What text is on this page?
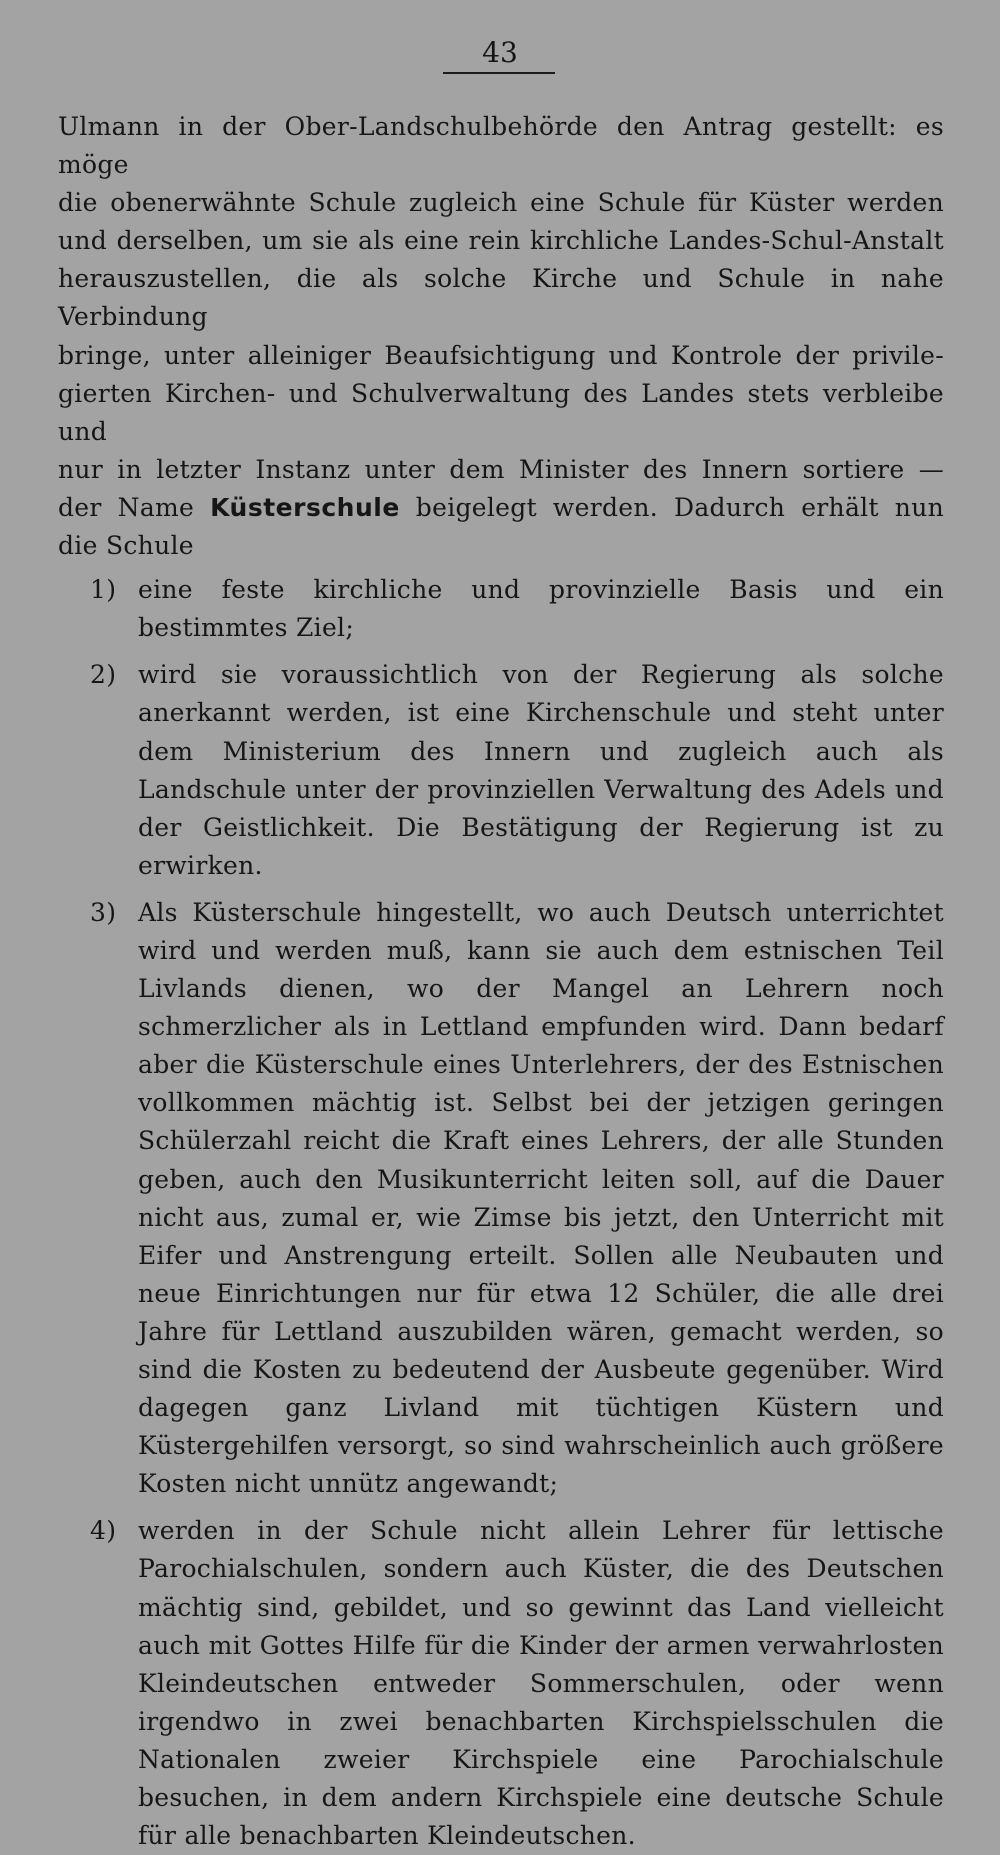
43

Ulmann in der Ober-Landschulbehörde den Antrag gestellt: es möge

die obenerwähnte Schule zugleich eine Schule für Küster werden

und derselben, um sie als eine rein kirchliche Landes-Schul-Anstalt

herauszustellen, die als solche Kirche und Schule in nahe Verbindung

bringe, unter alleiniger Beaufsichtigung und Kontrole der privile-

gierten Kirchen- und Schulverwaltung des Landes stets verbleibe und

nur in letzter Instanz unter dem Minister des Innern sortiere —

der Name Küsterschule beigelegt werden. Dadurch erhält nun

die Schule

1) eine feste kirchliche und provinzielle Basis und ein bestimmtes Ziel;
2) wird sie voraussichtlich von der Regierung als solche anerkannt werden, ist eine Kirchenschule und steht unter dem Ministerium des Innern und zugleich auch als Landschule unter der provinziellen Verwaltung des Adels und der Geistlichkeit. Die Bestätigung der Regierung ist zu erwirken.
3) Als Küsterschule hingestellt, wo auch Deutsch unterrichtet wird und werden muß, kann sie auch dem estnischen Teil Livlands dienen, wo der Mangel an Lehrern noch schmerzlicher als in Lettland empfunden wird. Dann bedarf aber die Küsterschule eines Unterlehrers, der des Estnischen vollkommen mächtig ist. Selbst bei der jetzigen geringen Schülerzahl reicht die Kraft eines Lehrers, der alle Stunden geben, auch den Musikunterricht leiten soll, auf die Dauer nicht aus, zumal er, wie Zimse bis jetzt, den Unterricht mit Eifer und Anstrengung erteilt. Sollen alle Neubauten und neue Einrichtungen nur für etwa 12 Schüler, die alle drei Jahre für Lettland auszubilden wären, gemacht werden, so sind die Kosten zu bedeutend der Ausbeute gegenüber. Wird dagegen ganz Livland mit tüchtigen Küstern und Küstergehilfen versorgt, so sind wahrscheinlich auch größere Kosten nicht unnütz angewandt;
4) werden in der Schule nicht allein Lehrer für lettische Parochialschulen, sondern auch Küster, die des Deutschen mächtig sind, gebildet, und so gewinnt das Land vielleicht auch mit Gottes Hilfe für die Kinder der armen verwahrlosten Kleindeutschen entweder Sommerschulen, oder wenn irgendwo in zwei benachbarten Kirchspielsschulen die Nationalen zweier Kirchspiele eine Parochialschule besuchen, in dem andern Kirchspiele eine deutsche Schule für alle benachbarten Kleindeutschen.
